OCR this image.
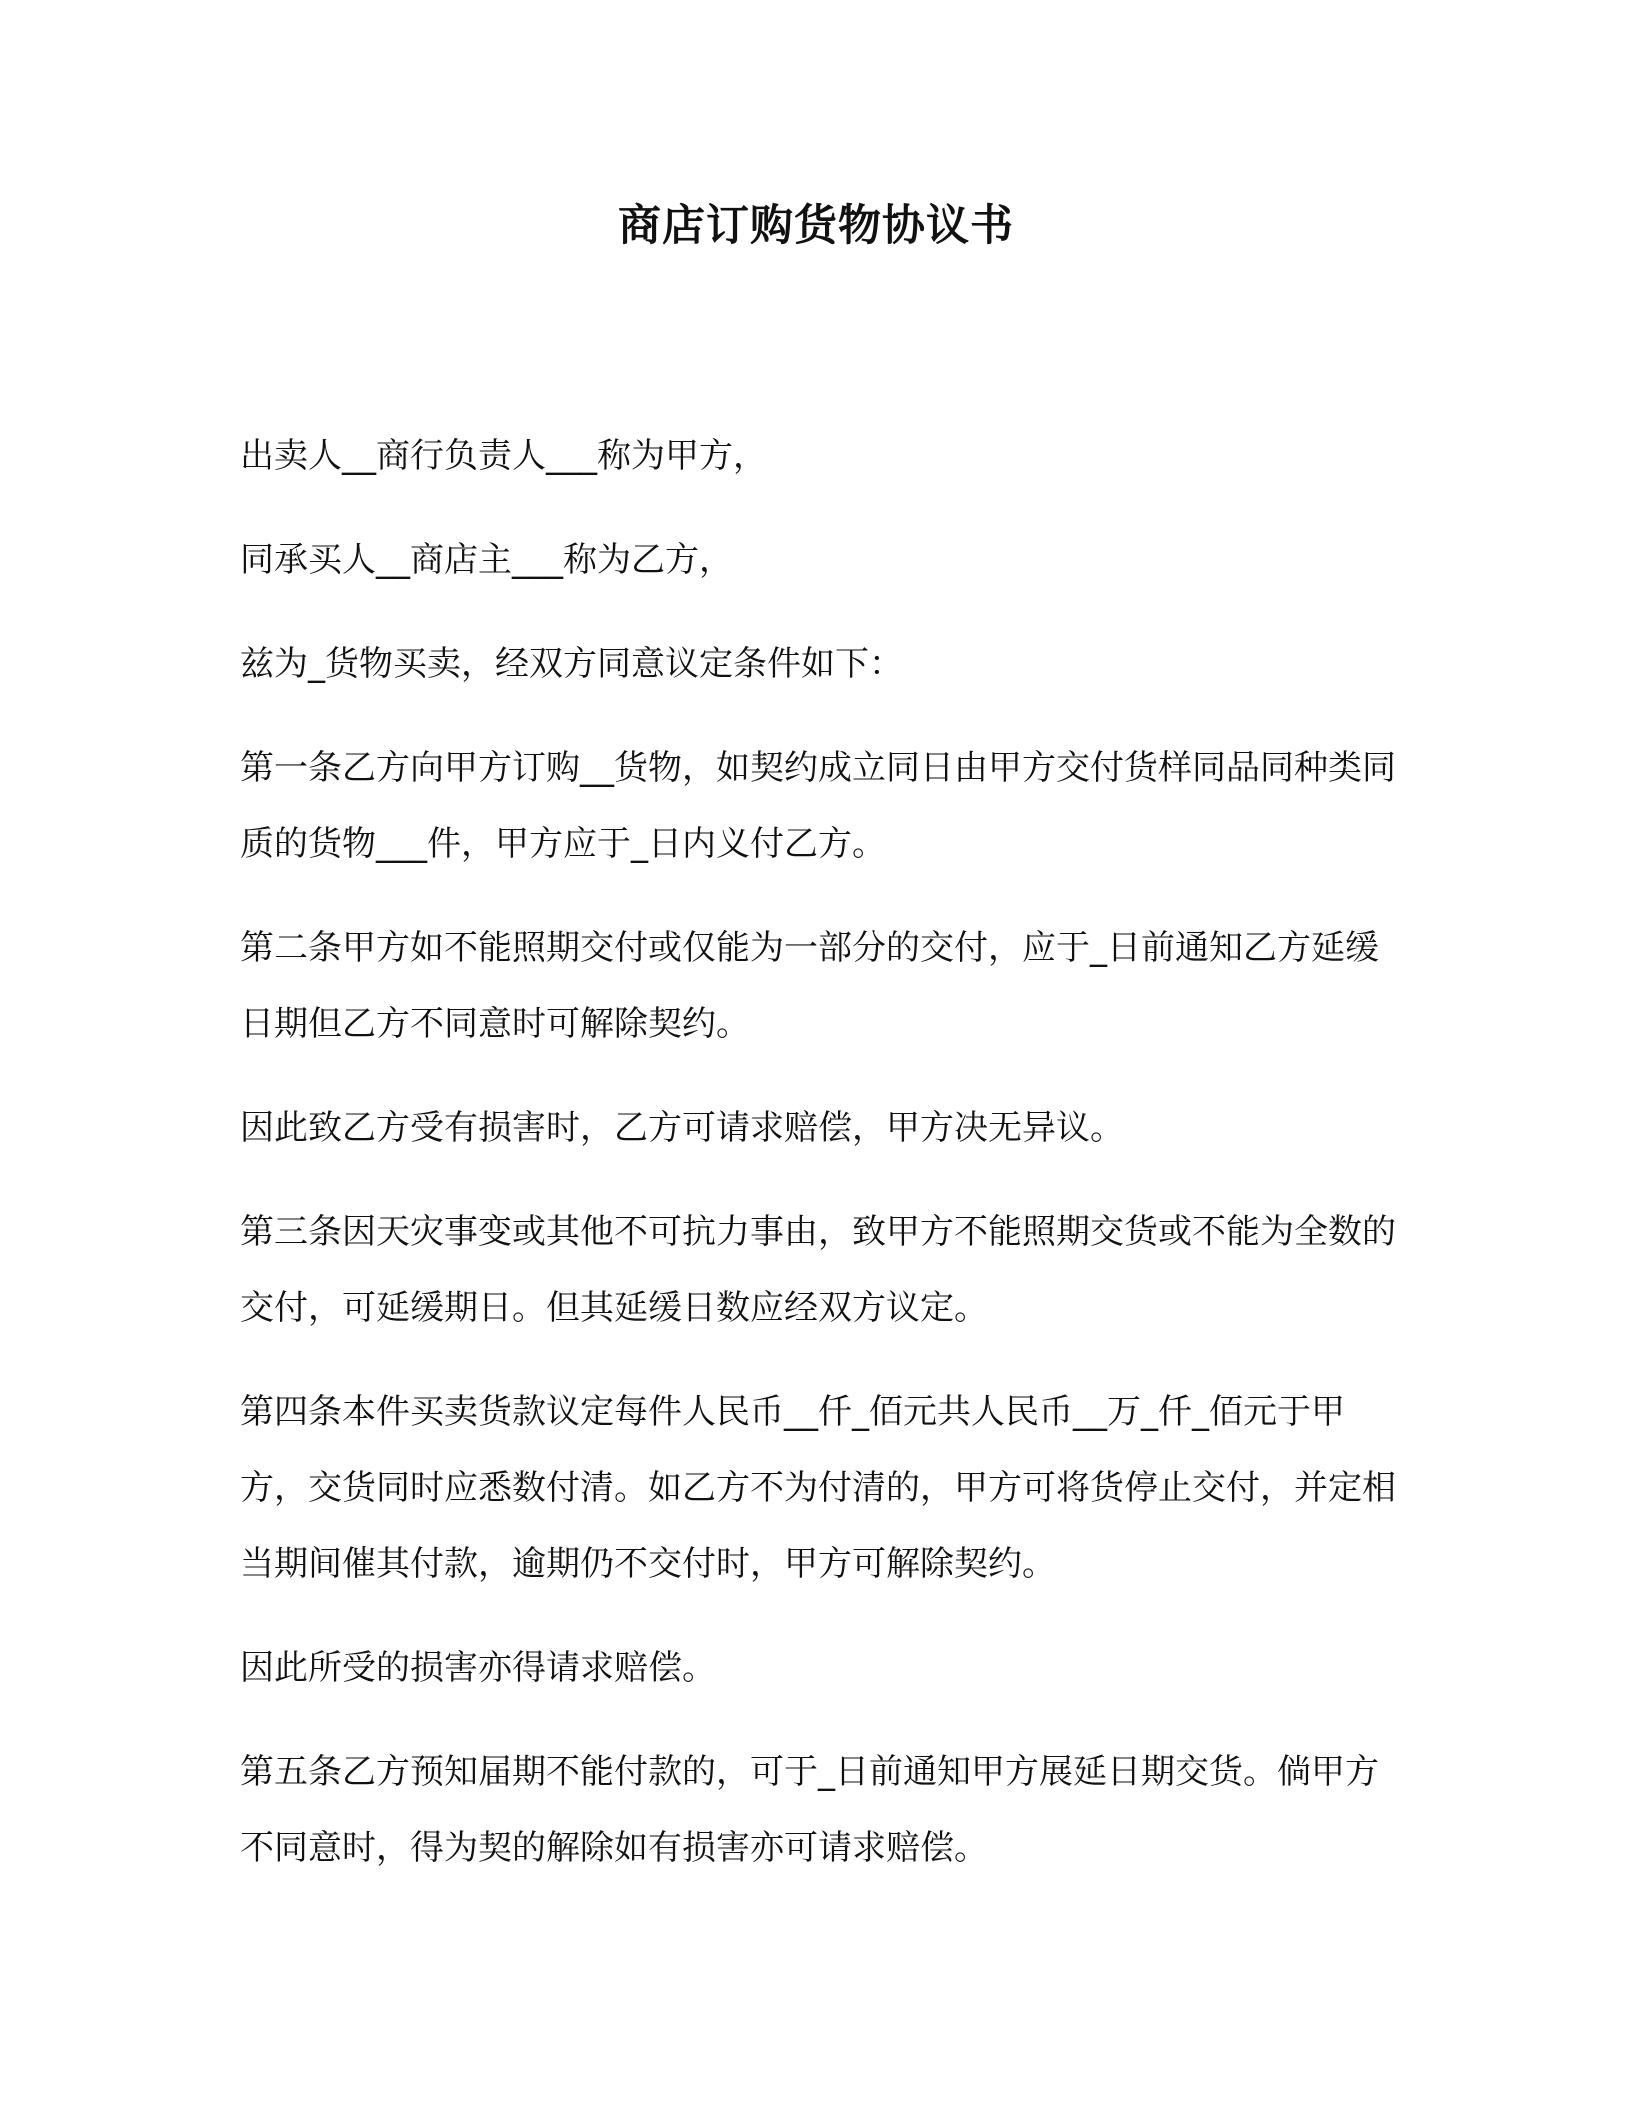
商店订购货物协议书

出卖人__商行负责人___称为甲方，

同承买人__商店主___称为乙方，

兹为_货物买卖，经双方同意议定条件如下：

第一条乙方向甲方订购__货物，如契约成立同日由甲方交付货样同品同种类同质的货物___件，甲方应于_日内义付乙方。

第二条甲方如不能照期交付或仅能为一部分的交付，应于_日前通知乙方延缓日期但乙方不同意时可解除契约。

因此致乙方受有损害时，乙方可请求赔偿，甲方决无异议。

第三条因天灾事变或其他不可抗力事由，致甲方不能照期交货或不能为全数的交付，可延缓期日。但其延缓日数应经双方议定。

第四条本件买卖货款议定每件人民币__仟_佰元共人民币__万_仟_佰元于甲方，交货同时应悉数付清。如乙方不为付清的，甲方可将货停止交付，并定相当期间催其付款，逾期仍不交付时，甲方可解除契约。

因此所受的损害亦得请求赔偿。

第五条乙方预知届期不能付款的，可于_日前通知甲方展延日期交货。倘甲方不同意时，得为契的解除如有损害亦可请求赔偿。
